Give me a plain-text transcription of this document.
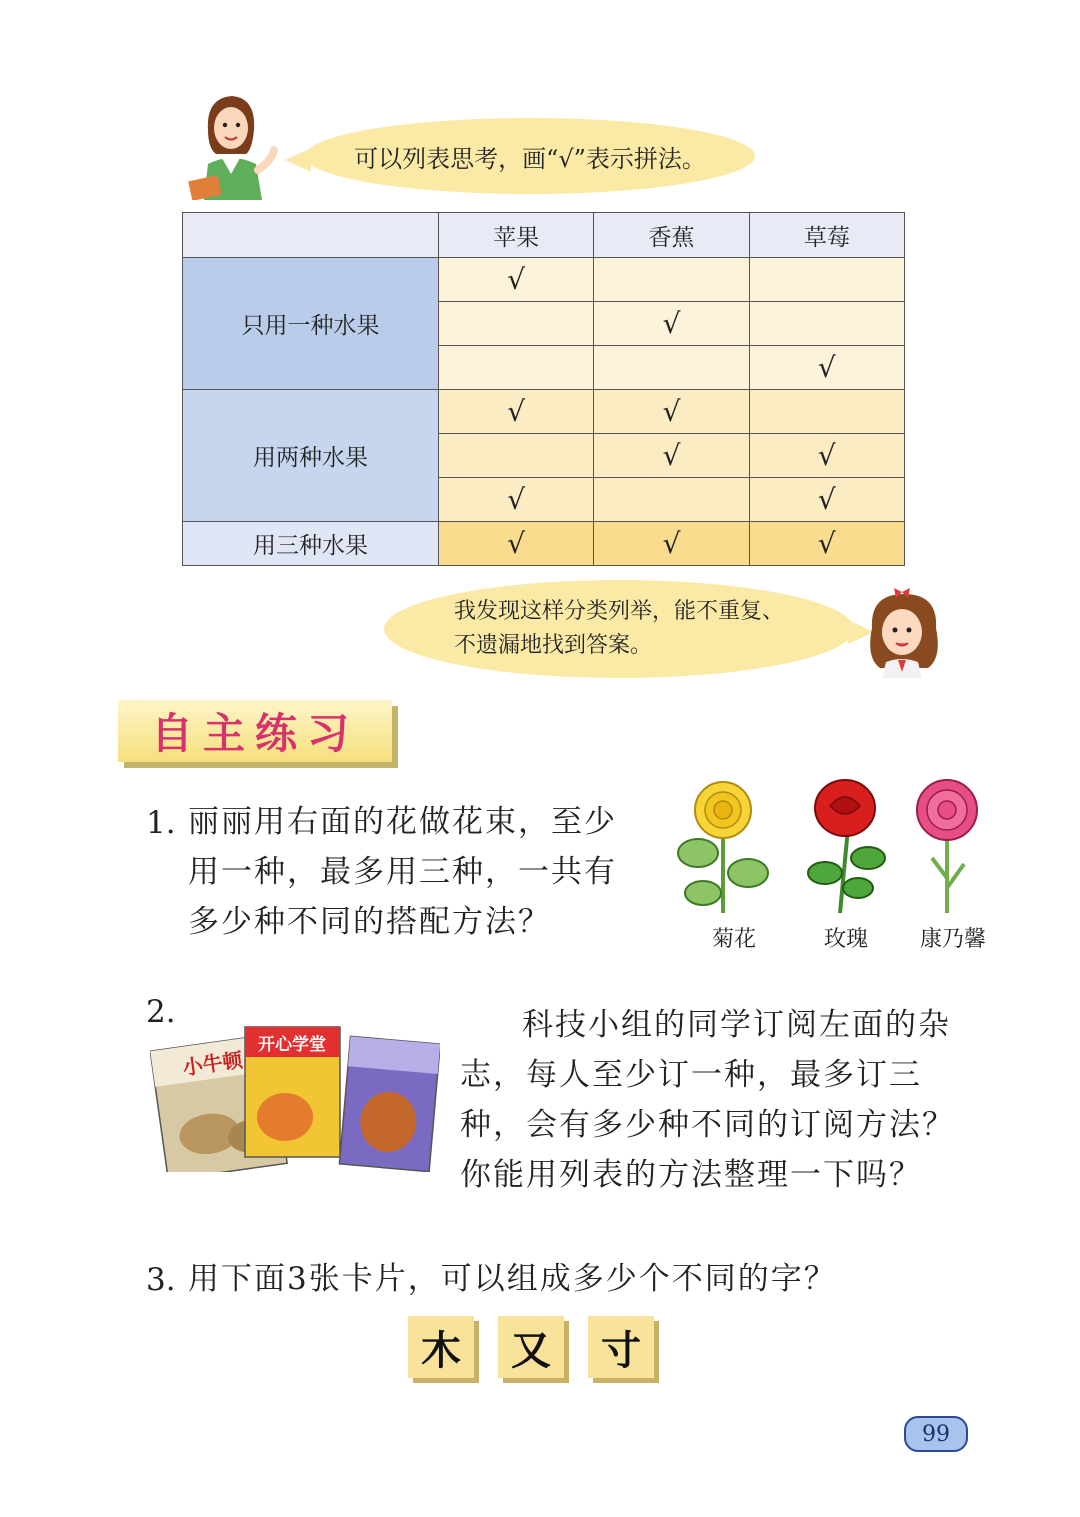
可以列表思考，画“√”表示拼法。
	苹果	香蕉	草莓
只用一种水果	√		
		√	
			√
用两种水果	√	√	
		√	√
	√		√
用三种水果	√	√	√
我发现这样分类列举，能不重复、
不遗漏地找到答案。
自主练习
1. 丽丽用右面的花做花束，至少
用一种，最多用三种，一共有
多少种不同的搭配方法？	菊花	玫瑰 康乃馨
2.
小牛顿
开心学堂
科技小组的同学订阅左面的杂
志，每人至少订一种，最多订三
种，会有多少种不同的订阅方法？
你能用列表的方法整理一下吗？
3. 用下面3张卡片，可以组成多少个不同的字？
木	又	寸
99
